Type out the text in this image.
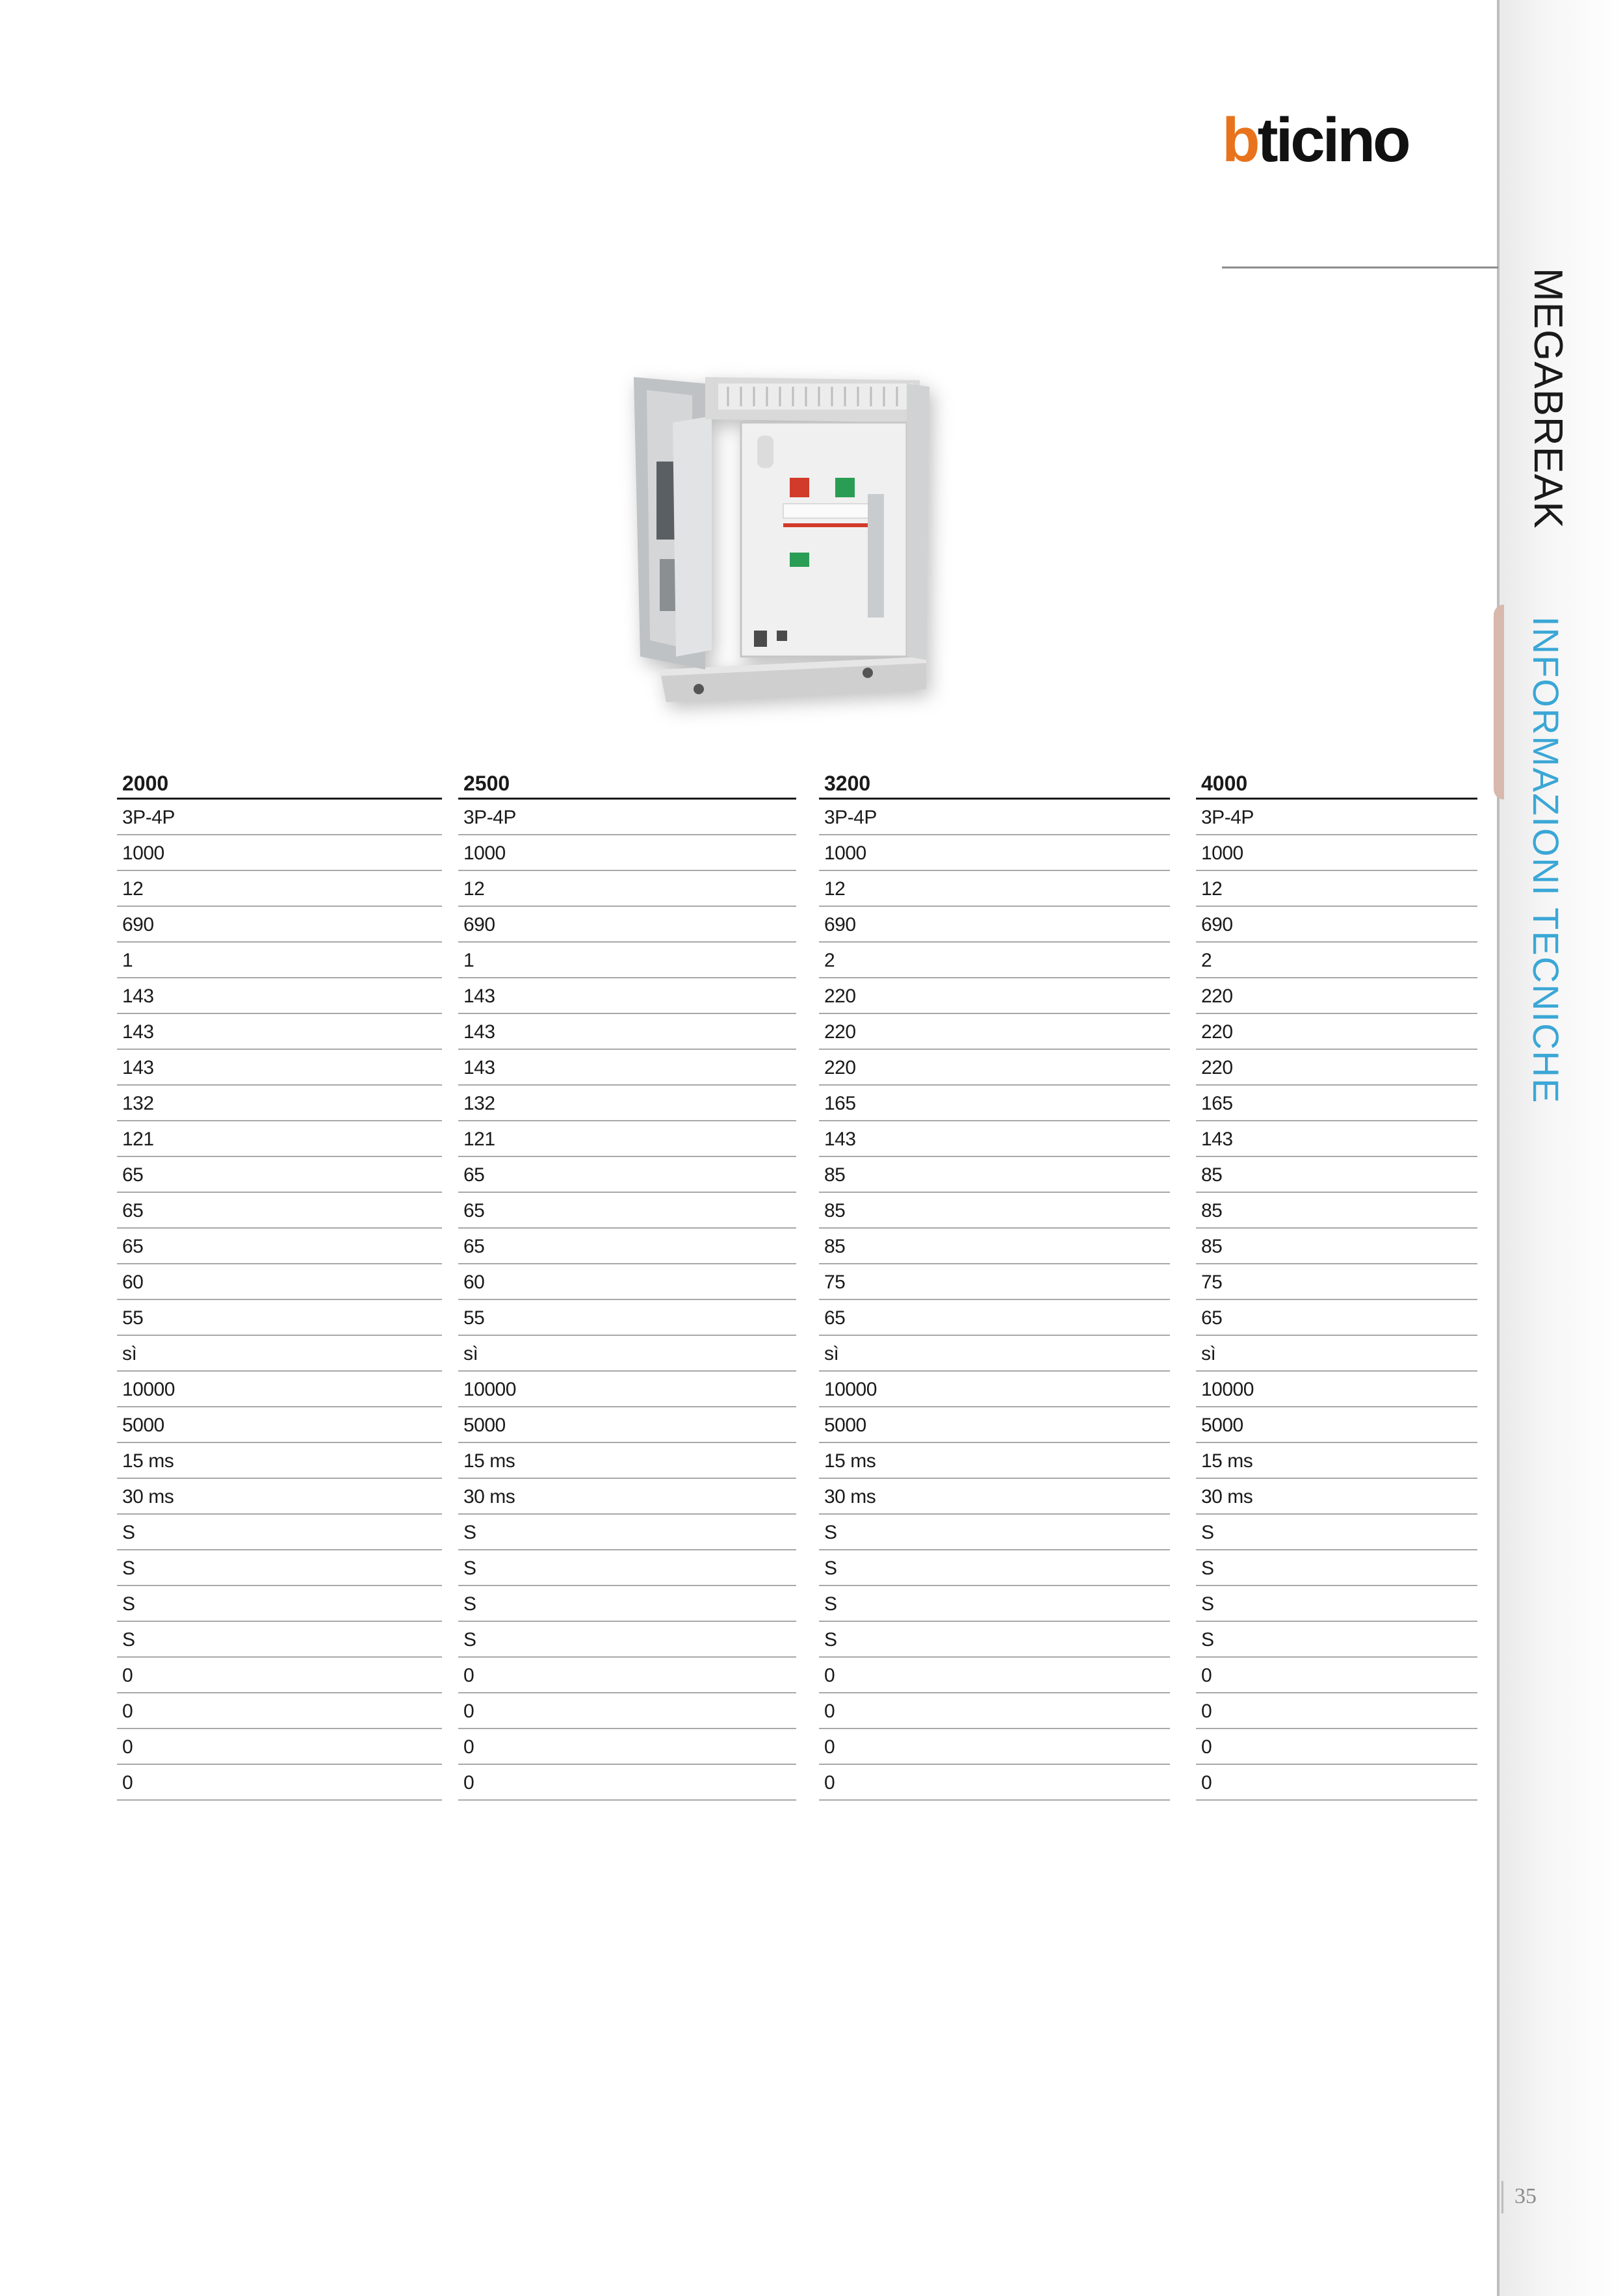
bticino
MEGABREAK
INFORMAZIONI TECNICHE
35
2000
3P-4P
1000
12
690
1
143
143
143
132
121
65
65
65
60
55
sì
10000
5000
15 ms
30 ms
S
S
S
S
0
0
0
0
2500
3P-4P
1000
12
690
1
143
143
143
132
121
65
65
65
60
55
sì
10000
5000
15 ms
30 ms
S
S
S
S
0
0
0
0
3200
3P-4P
1000
12
690
2
220
220
220
165
143
85
85
85
75
65
sì
10000
5000
15 ms
30 ms
S
S
S
S
0
0
0
0
4000
3P-4P
1000
12
690
2
220
220
220
165
143
85
85
85
75
65
sì
10000
5000
15 ms
30 ms
S
S
S
S
0
0
0
0
